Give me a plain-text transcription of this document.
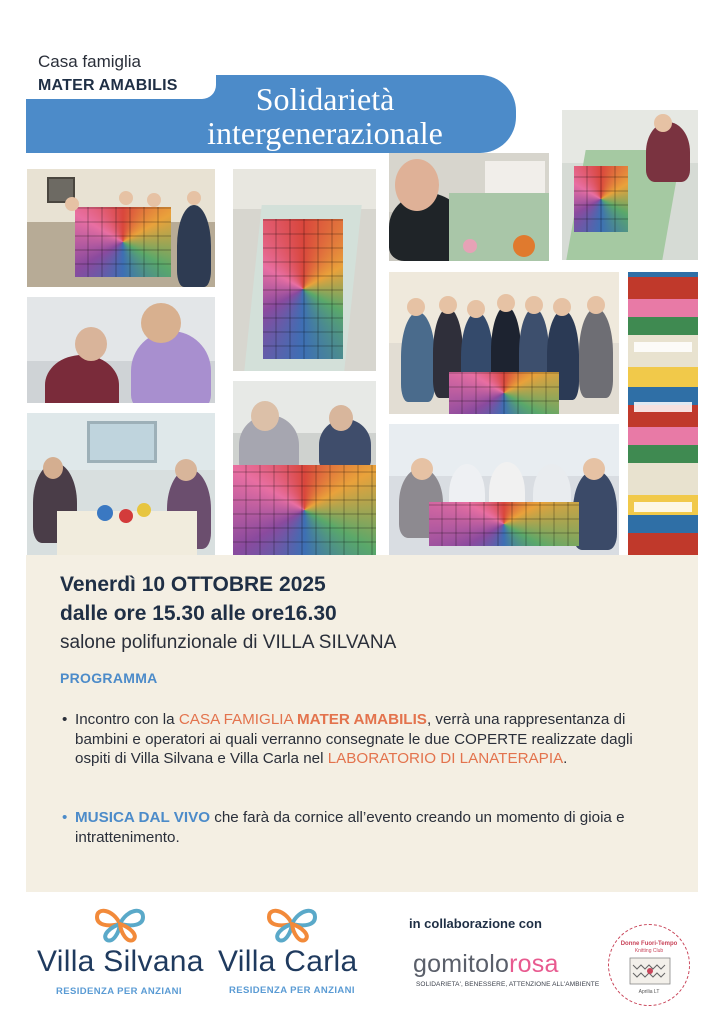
Casa famiglia
MATER AMABILIS	Solidarietà
intergenerazionale
Venerdì 10 OTTOBRE 2025
dalle ore 15.30 alle ore16.30
salone polifunzionale di VILLA SILVANA
PROGRAMMA
• Incontro con la CASA FAMIGLIA MATER AMABILIS, verrà una rappresentanza di bambini e operatori ai quali verranno consegnate le due COPERTE realizzate dagli ospiti di Villa Silvana e Villa Carla nel LABORATORIO DI LANATERAPIA.
• MUSICA DAL VIVO che farà da cornice all’evento creando un momento di gioia e intrattenimento.
Villa Silvana
RESIDENZA PER ANZIANI
Villa Carla
RESIDENZA PER ANZIANI
in collaborazione con
gomitolorosa
SOLIDARIETA', BENESSERE, ATTENZIONE ALL'AMBIENTE
Donne Fuori-Tempo
Knitting Club
Aprilia LT
